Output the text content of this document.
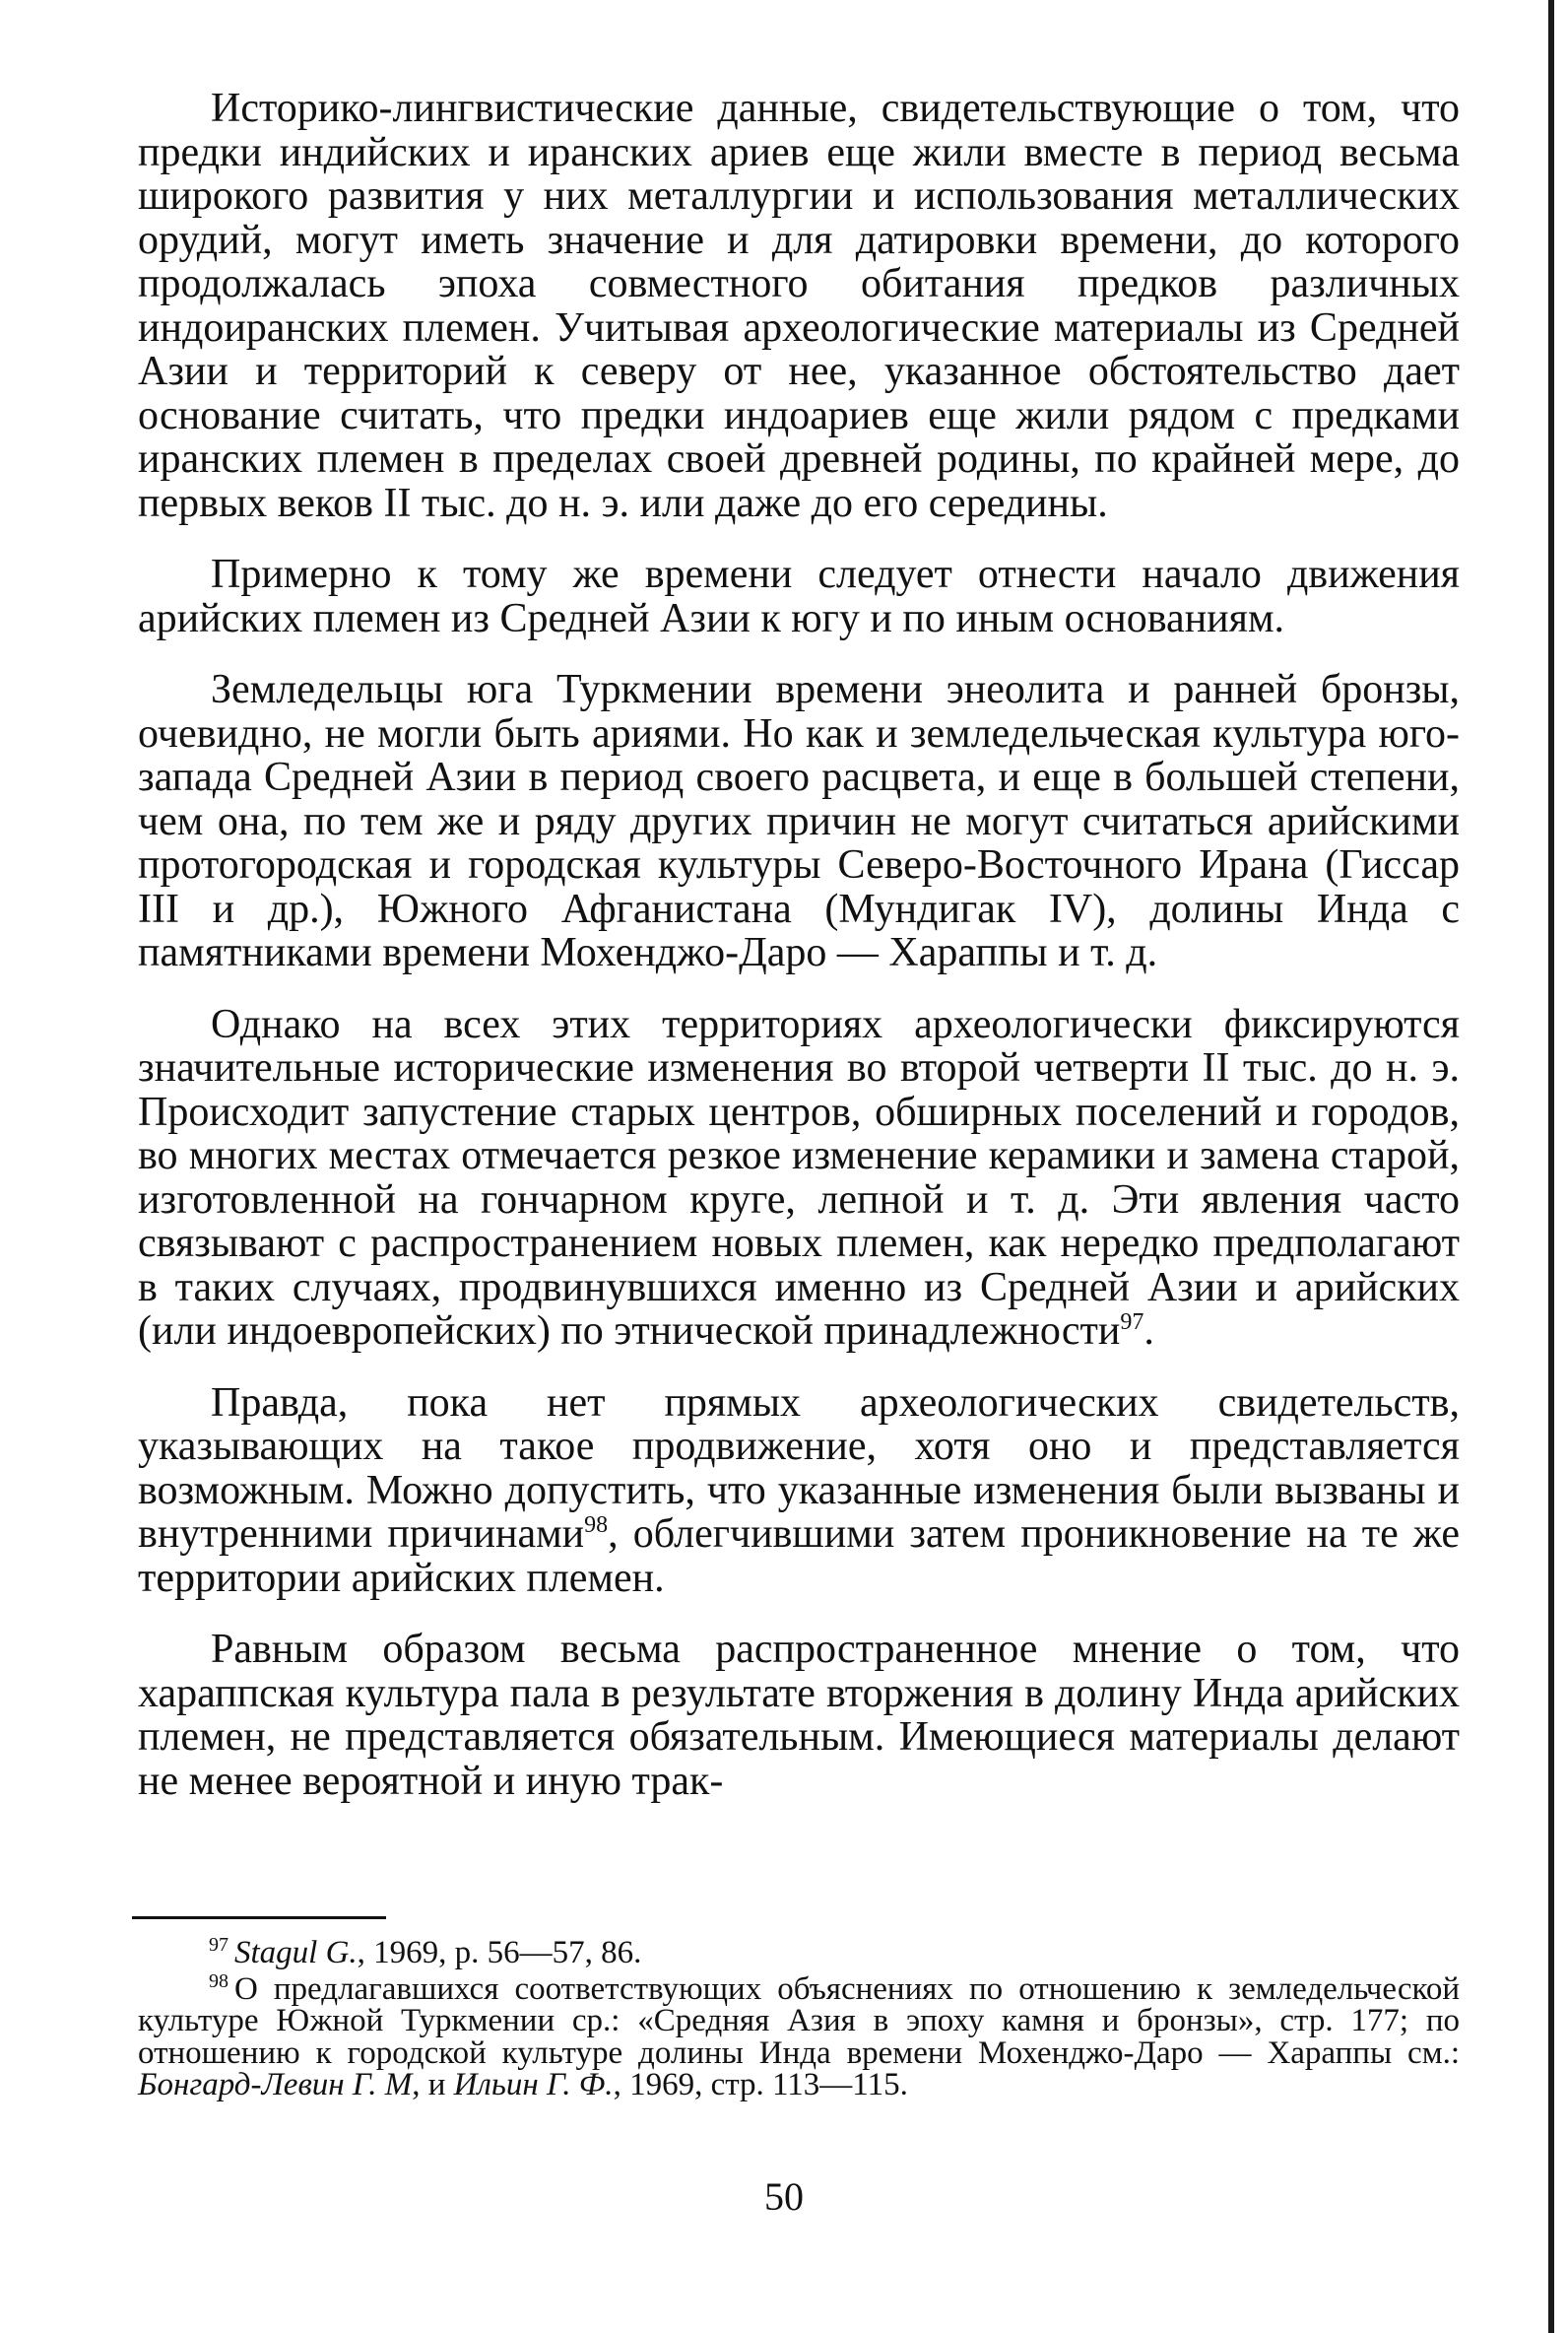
Историко-лингвистические данные, свидетельствующие о том, что предки индийских и иранских ариев еще жили вместе в период весьма широкого развития у них металлургии и использования металлических орудий, могут иметь значение и для датировки времени, до которого продолжалась эпоха совместного обитания предков различных индоиранских племен. Учитывая археологические материалы из Средней Азии и территорий к северу от нее, указанное обстоятельство дает основание считать, что предки индоариев еще жили рядом с предками иранских племен в пределах своей древней родины, по крайней мере, до первых веков II тыс. до н. э. или даже до его середины.

Примерно к тому же времени следует отнести начало движения арийских племен из Средней Азии к югу и по иным основаниям.

Земледельцы юга Туркмении времени энеолита и ранней бронзы, очевидно, не могли быть ариями. Но как и земледельческая культура юго-запада Средней Азии в период своего расцвета, и еще в большей степени, чем она, по тем же и ряду других причин не могут считаться арийскими протогородская и городская культуры Северо-Восточного Ирана (Гиссар III и др.), Южного Афганистана (Мундигак IV), долины Инда с памятниками времени Мохенджо-Даро — Хараппы и т. д.

Однако на всех этих территориях археологически фиксируются значительные исторические изменения во второй четверти II тыс. до н. э. Происходит запустение старых центров, обширных поселений и городов, во многих местах отмечается резкое изменение керамики и замена старой, изготовленной на гончарном круге, лепной и т. д. Эти явления часто связывают с распространением новых племен, как нередко предполагают в таких случаях, продвинувшихся именно из Средней Азии и арийских (или индоевропейских) по этнической принадлежности$^{97}$.

Правда, пока нет прямых археологических свидетельств, указывающих на такое продвижение, хотя оно и представляется возможным. Можно допустить, что указанные изменения были вызваны и внутренними причинами$^{98}$, облегчившими затем проникновение на те же территории арийских племен.

Равным образом весьма распространенное мнение о том, что хараппская культура пала в результате вторжения в долину Инда арийских племен, не представляется обязательным. Имеющиеся материалы делают не менее вероятной и иную трак-

$^{97}$ Stagul G., 1969, p. 56—57, 86.

$^{98}$ О предлагавшихся соответствующих объяснениях по отношению к земледельческой культуре Южной Туркмении ср.: «Средняя Азия в эпоху камня и бронзы», стр. 177; по отношению к городской культуре долины Инда времени Мохенджо-Даро — Хараппы см.: Бонгард-Левин Г. М, и Ильин Г. Ф., 1969, стр. 113—115.

50
